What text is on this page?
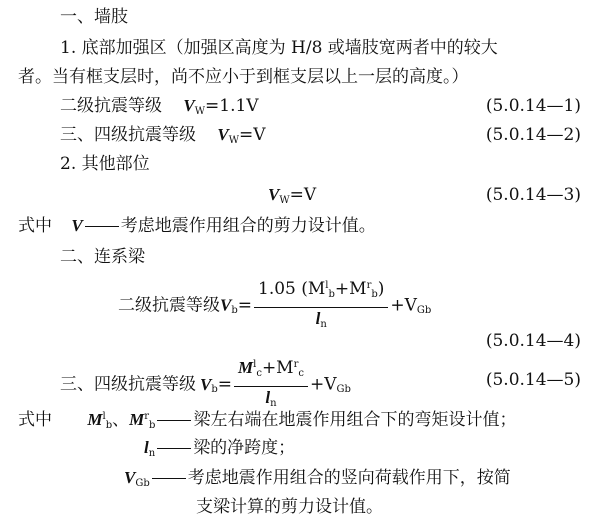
一、墙肢
1. 底部加强区（加强区高度为 H/8 或墙肢宽两者中的较大
者。当有框支层时，尚不应小于到框支层以上一层的高度。）
二级抗震等级 $V_W=1.1V$	(5.0.14—1)
三、四级抗震等级 $V_W=V$	(5.0.14—2)
2. 其他部位
$V_W=V$	(5.0.14—3)
式中 V 考虑地震作用组合的剪力设计值。
二、连系梁
二级抗震等级$V_b= \frac{1.05 (M^l_b+M^r_b)}{l_n} +V_{Gb}$
(5.0.14—4)
三、四级抗震等级 $V_b= \frac{M^l_c+M^r_c}{l_n} +V_{Gb}$	(5.0.14—5)
式中 $M^l_b$、$M^r_b$ 梁左右端在地震作用组合下的弯矩设计值；
$l_n$ 梁的净跨度；
$V_{Gb}$ 考虑地震作用组合的竖向荷载作用下，按简
支梁计算的剪力设计值。
